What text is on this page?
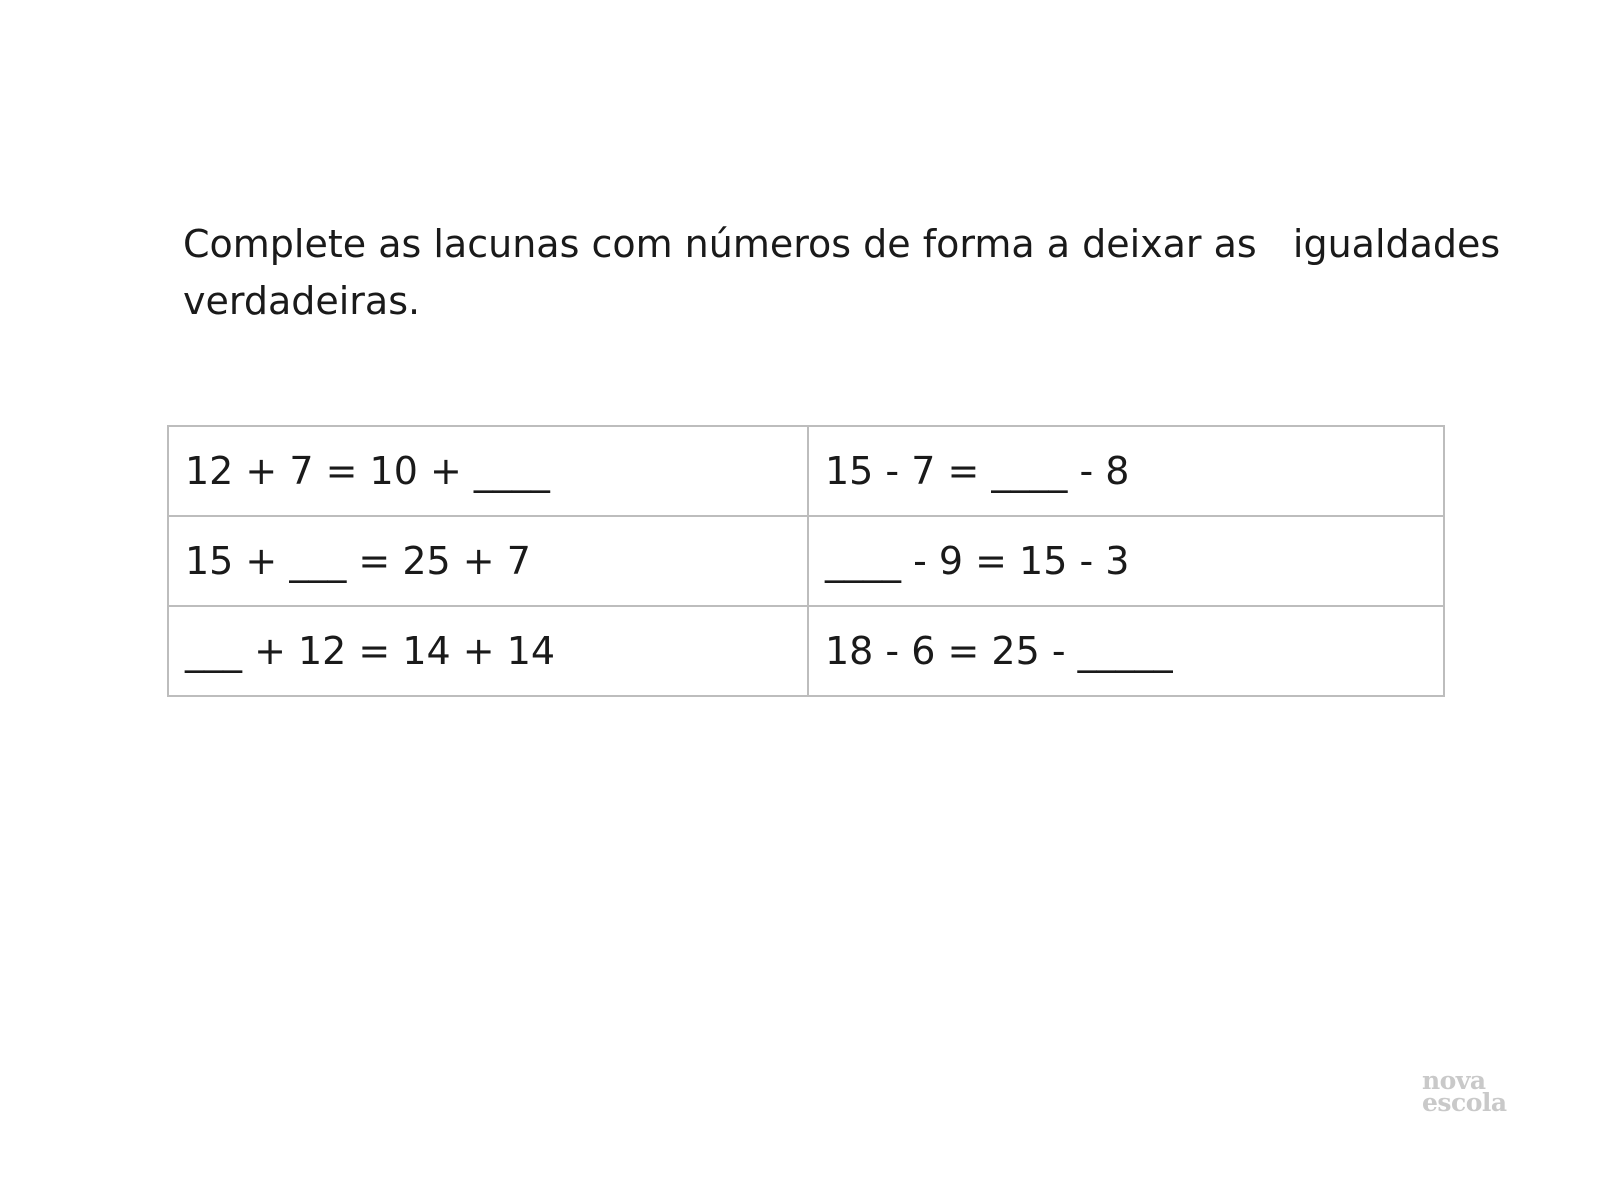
Complete as lacunas com números de forma a deixar as   igualdades verdadeiras.

12 + 7 = 10 + ____	15 - 7 = ____ - 8
15 + ___ = 25 + 7	____ - 9 = 15 - 3
___ + 12 = 14 + 14	18 - 6 = 25 - _____
nova
escola
